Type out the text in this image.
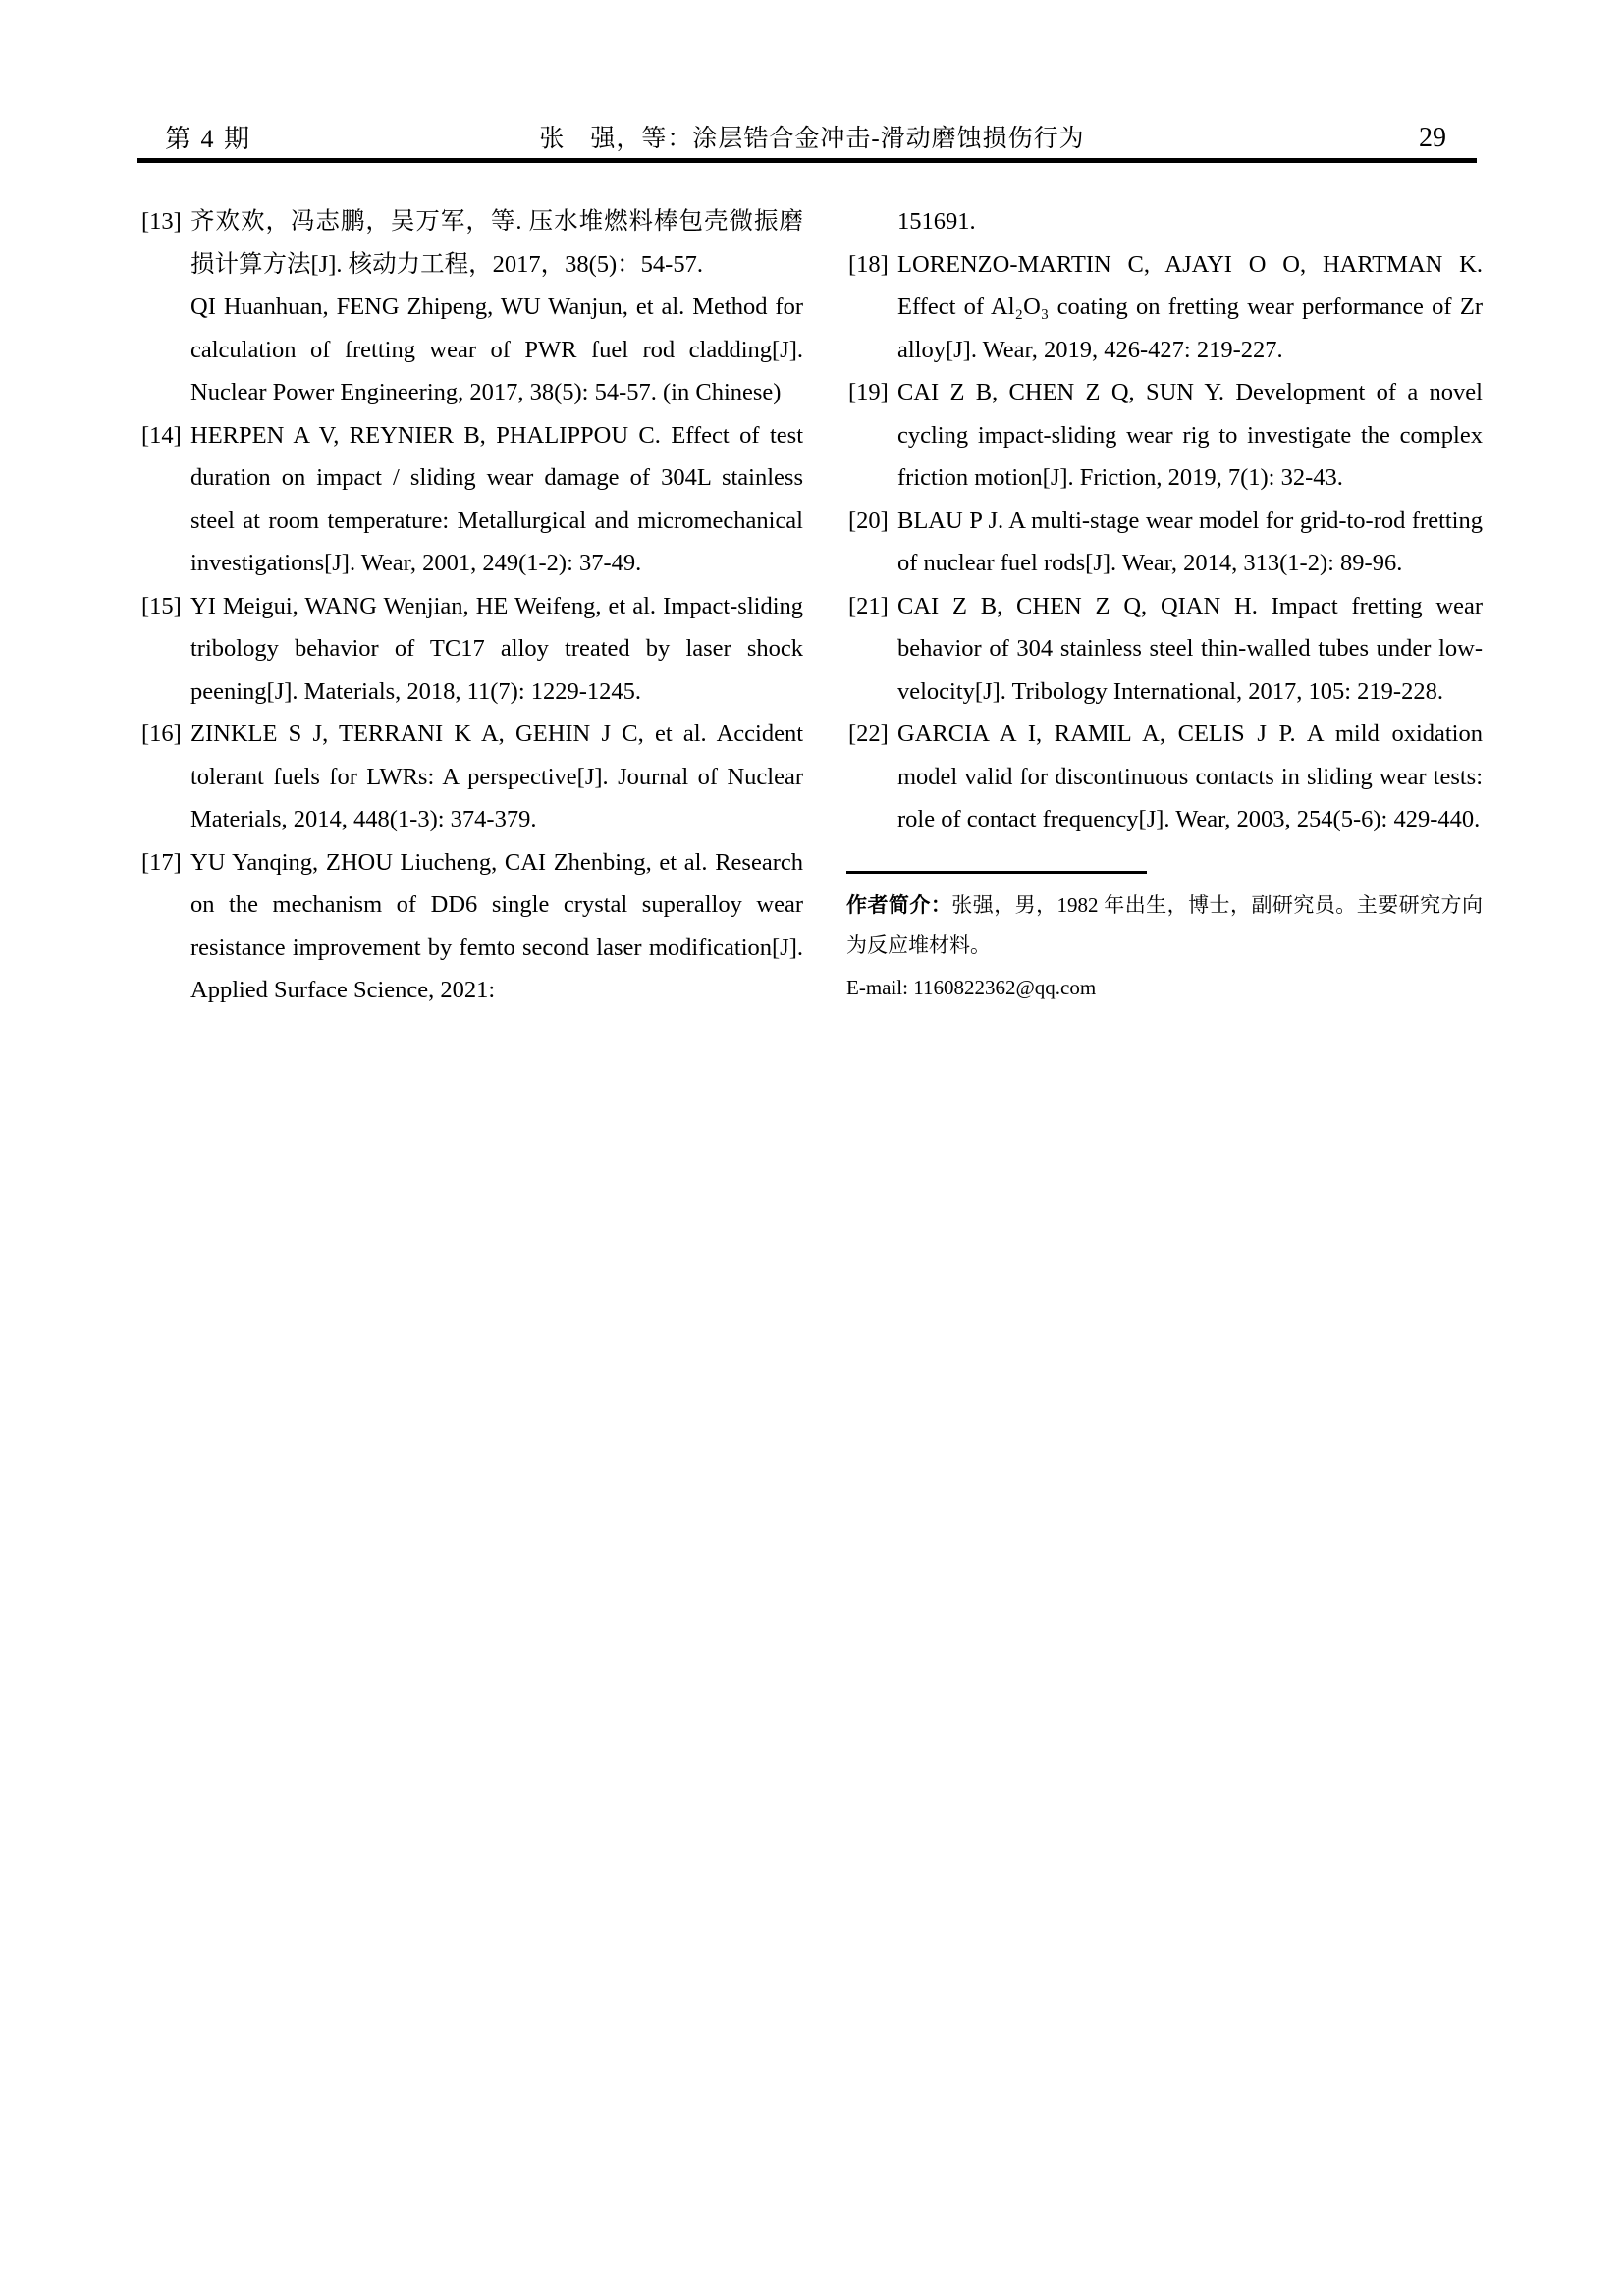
第 4 期	张　强，等：涂层锆合金冲击-滑动磨蚀损伤行为	29
[13] 齐欢欢，冯志鹏，吴万军，等. 压水堆燃料棒包壳微振磨损计算方法[J]. 核动力工程，2017，38(5)：54-57.
QI Huanhuan, FENG Zhipeng, WU Wanjun, et al. Method for calculation of fretting wear of PWR fuel rod cladding[J]. Nuclear Power Engineering, 2017, 38(5): 54-57. (in Chinese)
[14] HERPEN A V, REYNIER B, PHALIPPOU C. Effect of test duration on impact / sliding wear damage of 304L stainless steel at room temperature: Metallurgical and micromechanical investigations[J]. Wear, 2001, 249(1-2): 37-49.
[15] YI Meigui, WANG Wenjian, HE Weifeng, et al. Impact-sliding tribology behavior of TC17 alloy treated by laser shock peening[J]. Materials, 2018, 11(7): 1229-1245.
[16] ZINKLE S J, TERRANI K A, GEHIN J C, et al. Accident tolerant fuels for LWRs: A perspective[J]. Journal of Nuclear Materials, 2014, 448(1-3): 374-379.
[17] YU Yanqing, ZHOU Liucheng, CAI Zhenbing, et al. Research on the mechanism of DD6 single crystal superalloy wear resistance improvement by femto second laser modification[J]. Applied Surface Science, 2021:
151691.
[18] LORENZO-MARTIN C, AJAYI O O, HARTMAN K. Effect of Al₂O₃ coating on fretting wear performance of Zr alloy[J]. Wear, 2019, 426-427: 219-227.
[19] CAI Z B, CHEN Z Q, SUN Y. Development of a novel cycling impact-sliding wear rig to investigate the complex friction motion[J]. Friction, 2019, 7(1): 32-43.
[20] BLAU P J. A multi-stage wear model for grid-to-rod fretting of nuclear fuel rods[J]. Wear, 2014, 313(1-2): 89-96.
[21] CAI Z B, CHEN Z Q, QIAN H. Impact fretting wear behavior of 304 stainless steel thin-walled tubes under low-velocity[J]. Tribology International, 2017, 105: 219-228.
[22] GARCIA A I, RAMIL A, CELIS J P. A mild oxidation model valid for discontinuous contacts in sliding wear tests: role of contact frequency[J]. Wear, 2003, 254(5-6): 429-440.

作者简介：张强，男，1982 年出生，博士，副研究员。主要研究方向为反应堆材料。

E-mail: 1160822362@qq.com
